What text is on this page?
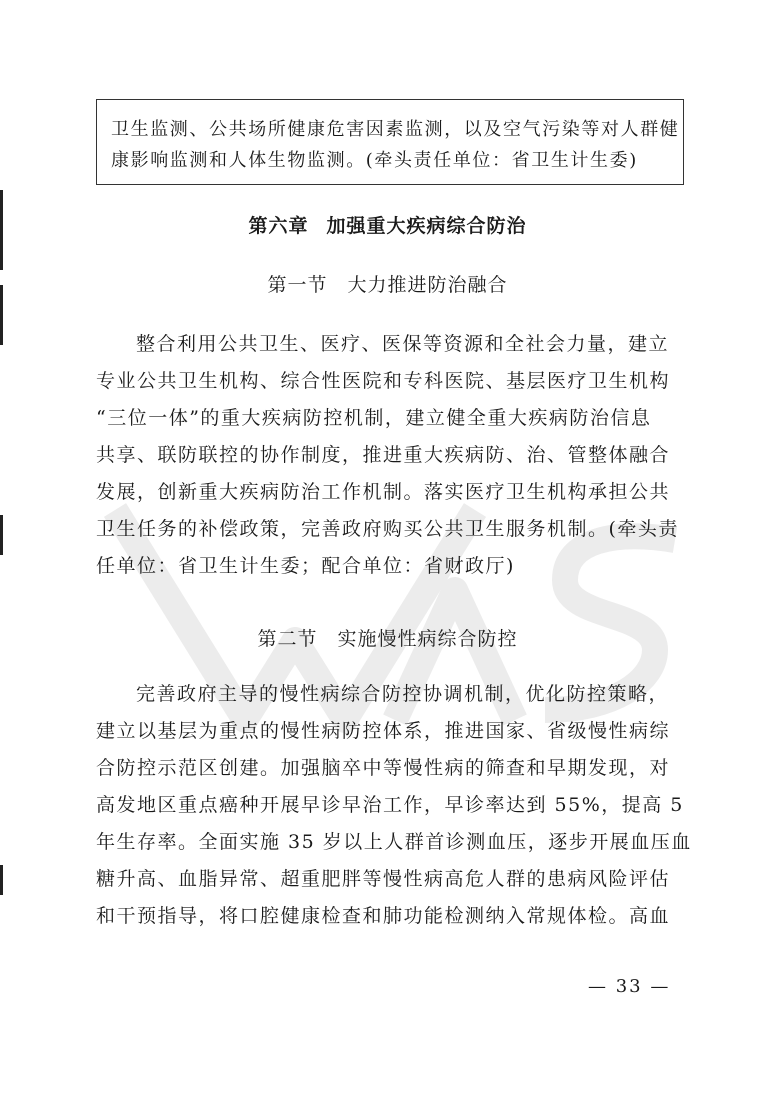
卫生监测、公共场所健康危害因素监测，以及空气污染等对人群健

康影响监测和人体生物监测。(牵头责任单位：省卫生计生委)

第六章 加强重大疾病综合防治
第一节 大力推进防治融合
整合利用公共卫生、医疗、医保等资源和全社会力量，建立
专业公共卫生机构、综合性医院和专科医院、基层医疗卫生机构
“三位一体”的重大疾病防控机制，建立健全重大疾病防治信息
共享、联防联控的协作制度，推进重大疾病防、治、管整体融合
发展，创新重大疾病防治工作机制。落实医疗卫生机构承担公共
卫生任务的补偿政策，完善政府购买公共卫生服务机制。(牵头责
任单位：省卫生计生委；配合单位：省财政厅)
第二节 实施慢性病综合防控
完善政府主导的慢性病综合防控协调机制，优化防控策略，
建立以基层为重点的慢性病防控体系，推进国家、省级慢性病综
合防控示范区创建。加强脑卒中等慢性病的筛查和早期发现，对
高发地区重点癌种开展早诊早治工作，早诊率达到 55%，提高 5
年生存率。全面实施 35 岁以上人群首诊测血压，逐步开展血压血
糖升高、血脂异常、超重肥胖等慢性病高危人群的患病风险评估
和干预指导，将口腔健康检查和肺功能检测纳入常规体检。高血
— 33 —
